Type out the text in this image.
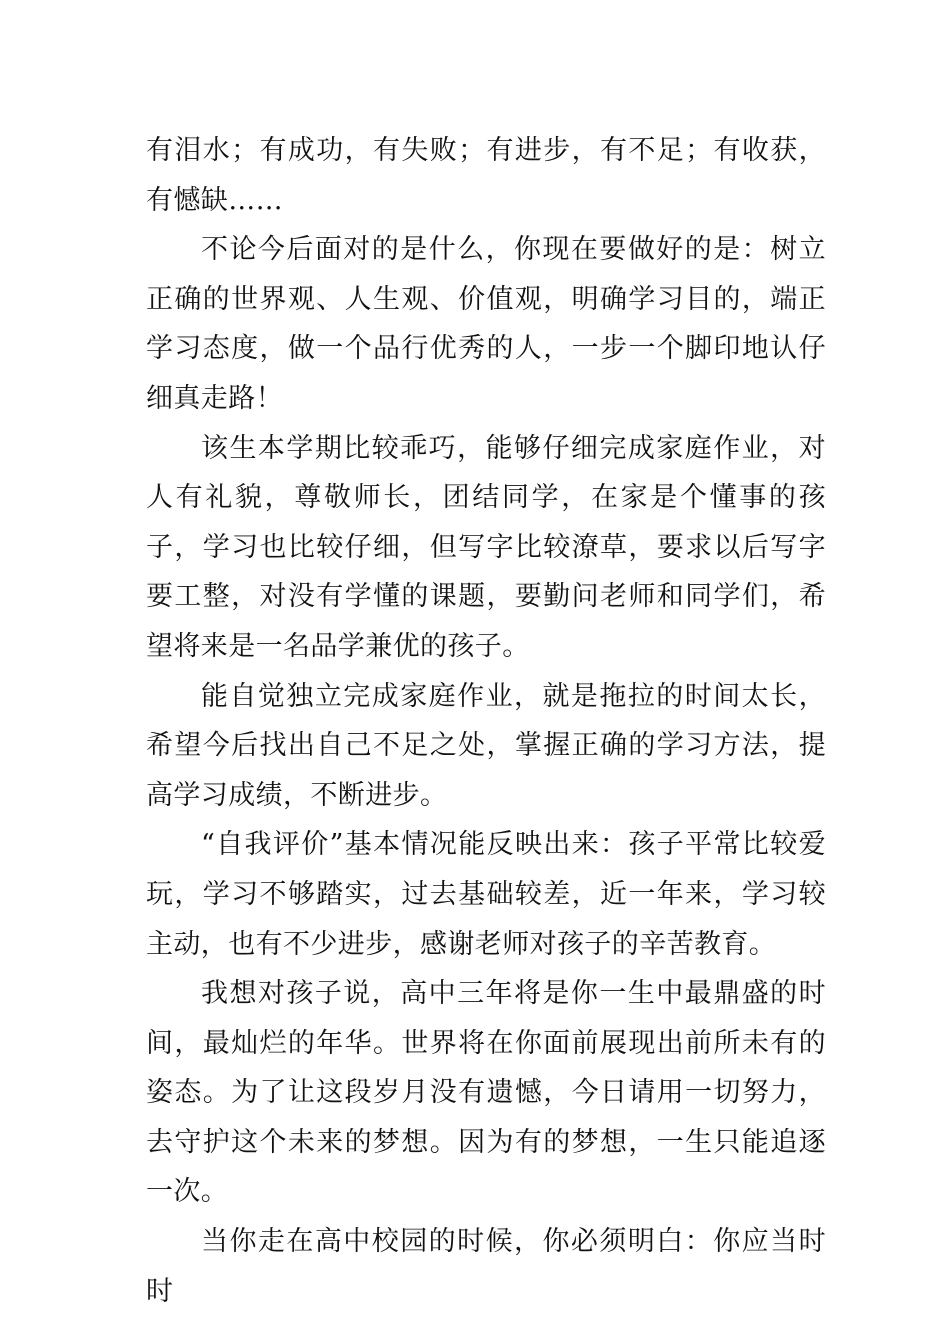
有泪水；有成功，有失败；有进步，有不足；有收获，有憾缺……

不论今后面对的是什么，你现在要做好的是：树立正确的世界观、人生观、价值观，明确学习目的，端正学习态度，做一个品行优秀的人，一步一个脚印地认仔细真走路！

该生本学期比较乖巧，能够仔细完成家庭作业，对人有礼貌，尊敬师长，团结同学，在家是个懂事的孩子，学习也比较仔细，但写字比较潦草，要求以后写字要工整，对没有学懂的课题，要勤问老师和同学们，希望将来是一名品学兼优的孩子。

能自觉独立完成家庭作业，就是拖拉的时间太长，希望今后找出自己不足之处，掌握正确的学习方法，提高学习成绩，不断进步。

“自我评价”基本情况能反映出来：孩子平常比较爱玩，学习不够踏实，过去基础较差，近一年来，学习较主动，也有不少进步，感谢老师对孩子的辛苦教育。

我想对孩子说，高中三年将是你一生中最鼎盛的时间，最灿烂的年华。世界将在你面前展现出前所未有的姿态。为了让这段岁月没有遗憾，今日请用一切努力，去守护这个未来的梦想。因为有的梦想，一生只能追逐一次。

当你走在高中校园的时候，你必须明白：你应当时时
